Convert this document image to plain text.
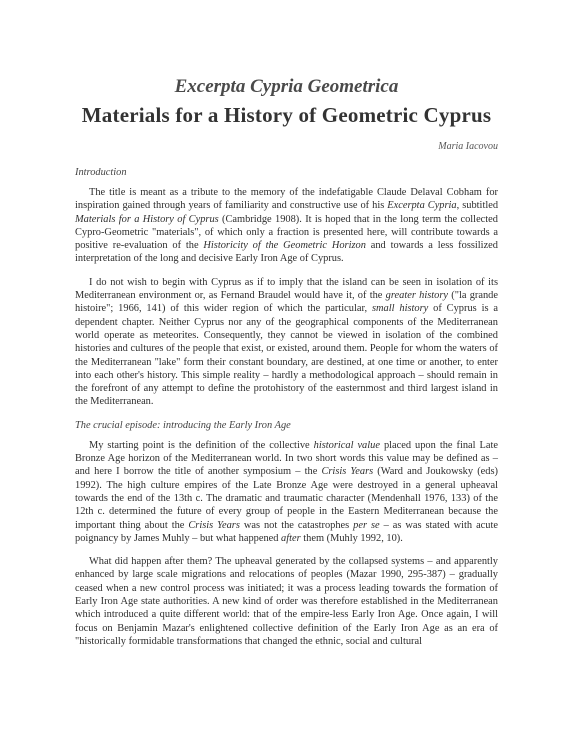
Excerpta Cypria Geometrica
Materials for a History of Geometric Cyprus
Maria Iacovou
Introduction

The title is meant as a tribute to the memory of the indefatigable Claude Delaval Cobham for inspiration gained through years of familiarity and constructive use of his Excerpta Cypria, subtitled Materials for a History of Cyprus (Cambridge 1908). It is hoped that in the long term the collected Cypro-Geometric "materials", of which only a fraction is presented here, will contribute towards a positive re-evaluation of the Historicity of the Geometric Horizon and towards a less fossilized interpretation of the long and decisive Early Iron Age of Cyprus.

I do not wish to begin with Cyprus as if to imply that the island can be seen in isolation of its Mediterranean environment or, as Fernand Braudel would have it, of the greater history ("la grande histoire"; 1966, 141) of this wider region of which the particular, small history of Cyprus is a dependent chapter. Neither Cyprus nor any of the geographical components of the Mediterranean world operate as meteorites. Consequently, they cannot be viewed in isolation of the combined histories and cultures of the people that exist, or existed, around them. People for whom the waters of the Mediterranean "lake" form their constant boundary, are destined, at one time or another, to enter into each other's history. This simple reality – hardly a methodological approach – should remain in the forefront of any attempt to define the protohistory of the easternmost and third largest island in the Mediterranean.

The crucial episode: introducing the Early Iron Age

My starting point is the definition of the collective historical value placed upon the final Late Bronze Age horizon of the Mediterranean world. In two short words this value may be defined as – and here I borrow the title of another symposium – the Crisis Years (Ward and Joukowsky (eds) 1992). The high culture empires of the Late Bronze Age were destroyed in a general upheaval towards the end of the 13th c. The dramatic and traumatic character (Mendenhall 1976, 133) of the 12th c. determined the future of every group of people in the Eastern Mediterranean because the important thing about the Crisis Years was not the catastrophes per se – as was stated with acute poignancy by James Muhly – but what happened after them (Muhly 1992, 10).

What did happen after them? The upheaval generated by the collapsed systems – and apparently enhanced by large scale migrations and relocations of peoples (Mazar 1990, 295-387) – gradually ceased when a new control process was initiated; it was a process leading towards the formation of Early Iron Age state authorities. A new kind of order was therefore established in the Mediterranean which introduced a quite different world: that of the empire-less Early Iron Age. Once again, I will focus on Benjamin Mazar's enlightened collective definition of the Early Iron Age as an era of "historically formidable transformations that changed the ethnic, social and cultural
